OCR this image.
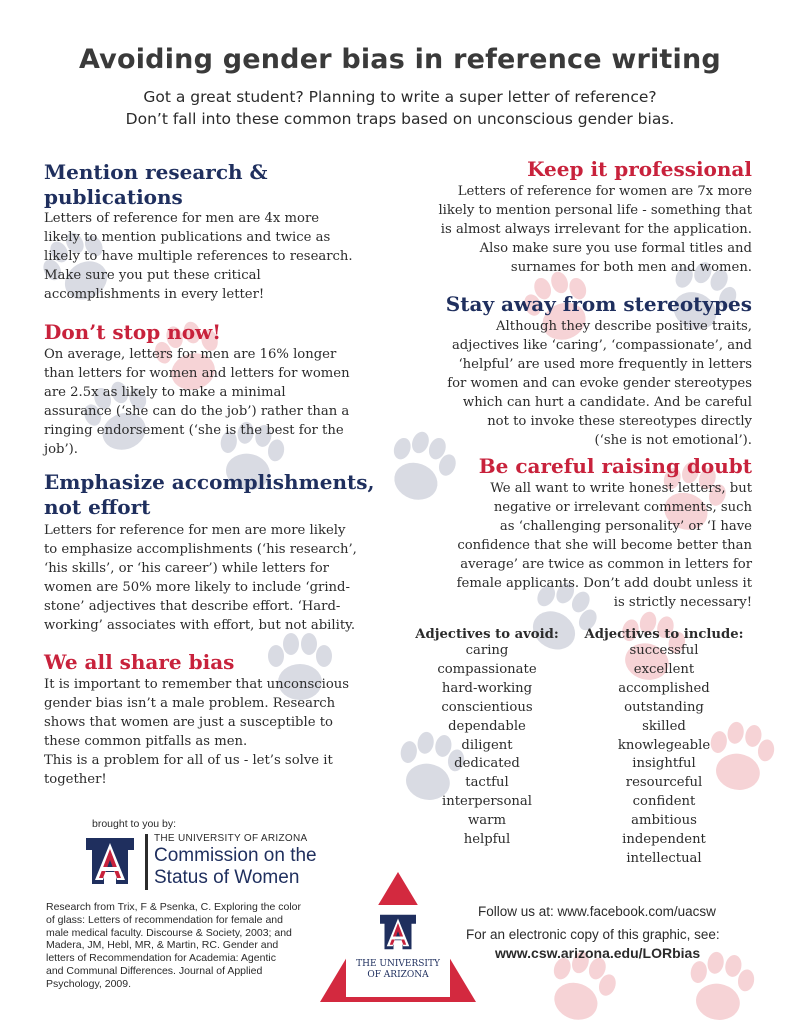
Avoiding gender bias in reference writing
Got a great student? Planning to write a super letter of reference?
Don’t fall into these common traps based on unconscious gender bias.

Mention research &
publications

Letters of reference for men are 4x more
likely to mention publications and twice as
likely to have multiple references to research.
Make sure you put these critical
accomplishments in every letter!

Don’t stop now!

On average, letters for men are 16% longer
than letters for women and letters for women
are 2.5x as likely to make a minimal
assurance (‘she can do the job’) rather than a
ringing endorsement (‘she is the best for the
job’).

Emphasize accomplishments,
not effort

Letters for reference for men are more likely
to emphasize accomplishments (‘his research’,
‘his skills’, or ‘his career’) while letters for
women are 50% more likely to include ‘grind-
stone’ adjectives that describe effort. ‘Hard-
working’ associates with effort, but not ability.

We all share bias

It is important to remember that unconscious
gender bias isn’t a male problem. Research
shows that women are just a susceptible to
these common pitfalls as men.
This is a problem for all of us - let’s solve it
together!

Keep it professional

Letters of reference for women are 7x more
likely to mention personal life - something that
is almost always irrelevant for the application.
Also make sure you use formal titles and
surnames for both men and women.

Stay away from stereotypes

Although they describe positive traits,
adjectives like ‘caring’, ‘compassionate’, and
‘helpful’ are used more frequently in letters
for women and can evoke gender stereotypes
which can hurt a candidate. And be careful
not to invoke these stereotypes directly
(‘she is not emotional’).

Be careful raising doubt

We all want to write honest letters, but
negative or irrelevant comments, such
as ‘challenging personality’ or ‘I have
confidence that she will become better than
average’ are twice as common in letters for
female applicants. Don’t add doubt unless it
is strictly necessary!

Adjectives to avoid:

caring
compassionate
hard-working
conscientious
dependable
diligent
dedicated
tactful
interpersonal
warm
helpful

Adjectives to include:

successful
excellent
accomplished
outstanding
skilled
knowlegeable
insightful
resourceful
confident
ambitious
independent
intellectual
brought to you by:
THE UNIVERSITY OF ARIZONA
Commission on the
Status of Women
Research from Trix, F & Psenka, C. Exploring the color
of glass: Letters of recommendation for female and
male medical faculty. Discourse & Society, 2003; and
Madera, JM, Hebl, MR, & Martin, RC. Gender and
letters of Recommendation for Academia: Agentic
and Communal Differences. Journal of Applied
Psychology, 2009.
THE UNIVERSITY
OF ARIZONA
Follow us at: www.facebook.com/uacsw
For an electronic copy of this graphic, see:
www.csw.arizona.edu/LORbias
